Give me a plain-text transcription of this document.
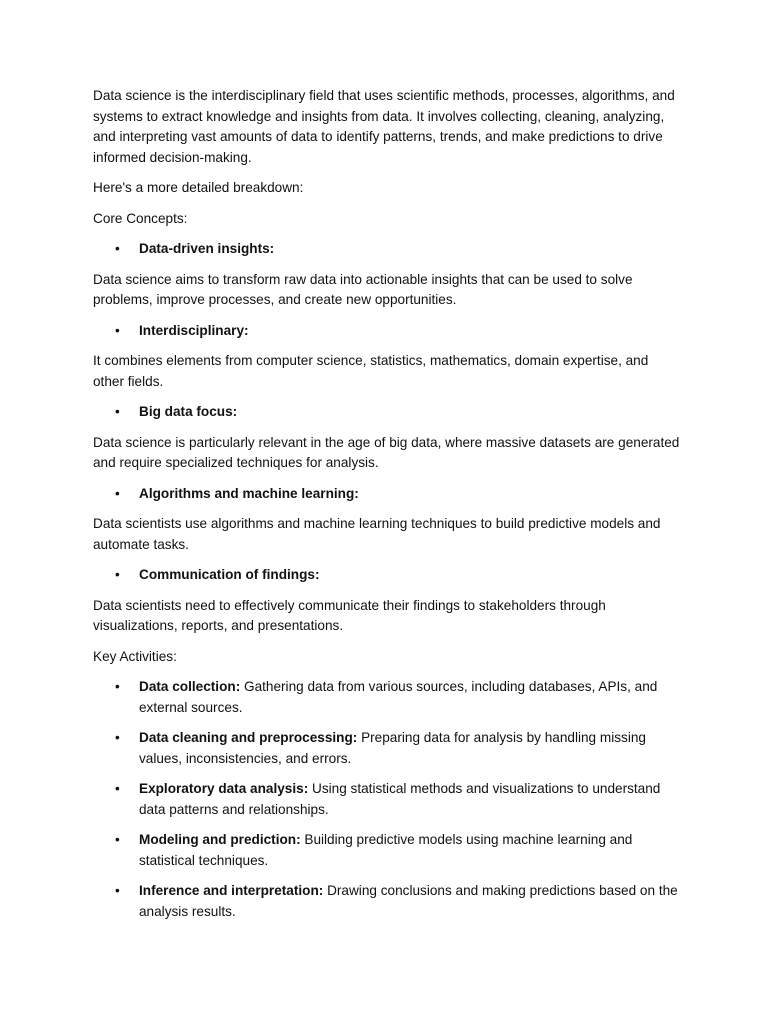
Data science is the interdisciplinary field that uses scientific methods, processes, algorithms, and systems to extract knowledge and insights from data. It involves collecting, cleaning, analyzing, and interpreting vast amounts of data to identify patterns, trends, and make predictions to drive informed decision-making.

Here's a more detailed breakdown:

Core Concepts:

• Data-driven insights:

Data science aims to transform raw data into actionable insights that can be used to solve problems, improve processes, and create new opportunities.

• Interdisciplinary:

It combines elements from computer science, statistics, mathematics, domain expertise, and other fields.

• Big data focus:

Data science is particularly relevant in the age of big data, where massive datasets are generated and require specialized techniques for analysis.

• Algorithms and machine learning:

Data scientists use algorithms and machine learning techniques to build predictive models and automate tasks.

• Communication of findings:

Data scientists need to effectively communicate their findings to stakeholders through visualizations, reports, and presentations.

Key Activities:

• Data collection: Gathering data from various sources, including databases, APIs, and external sources.
• Data cleaning and preprocessing: Preparing data for analysis by handling missing values, inconsistencies, and errors.
• Exploratory data analysis: Using statistical methods and visualizations to understand data patterns and relationships.
• Modeling and prediction: Building predictive models using machine learning and statistical techniques.
• Inference and interpretation: Drawing conclusions and making predictions based on the analysis results.
